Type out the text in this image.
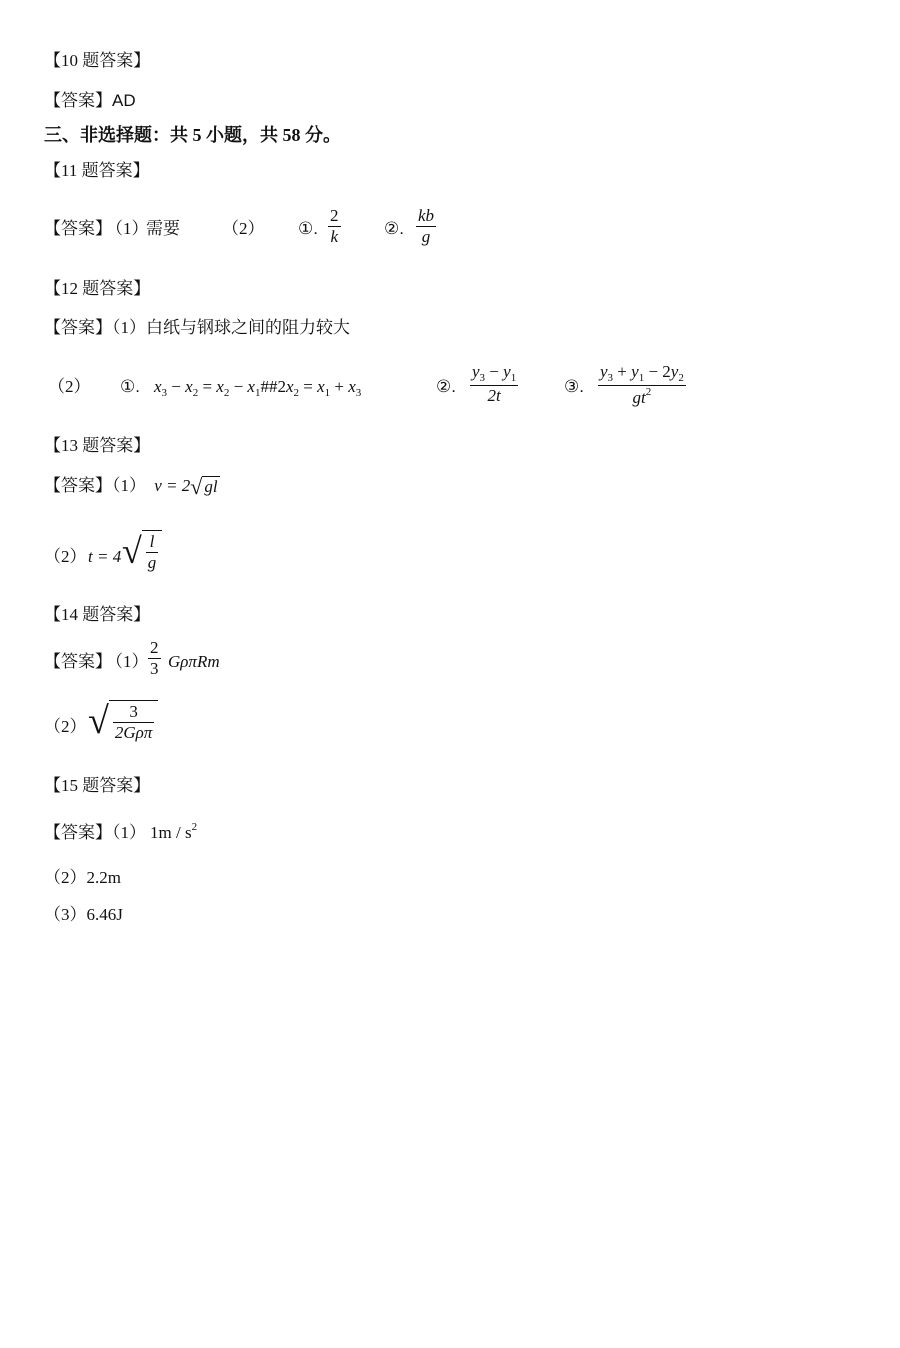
【10 题答案】
【答案】AD
三、非选择题：共 5 小题，共 58 分。
【11 题答案】
【答案】
（1）
需要 （2） ①. $\frac{2}{k}$	②. $\frac{kb}{g}$
【12 题答案】
【答案】（1）白纸与钢球之间的阻力较大
（2） ①. $x_3 - x_2 = x_2$ − $x_1\#\#2x_2 = x_1 + x_3$	②. $\frac{y_3 - y_1}{2t}$	③. $\frac{y_3 + y_1 - 2y_2}{gt^2}$
【13 题答案】
【答案】（1） v = 2 √ gl
（2） t = 4 √ $\frac{l}{g}$
【14 题答案】
【答案】
$(1) \frac{2}{3}$ GρπRm
（2） √ $\frac{3}{\text{2Gρπ}}$
【15 题答案】
【答案】（1） $1m / s^2$
（2）2.2m
（3）6.46J
